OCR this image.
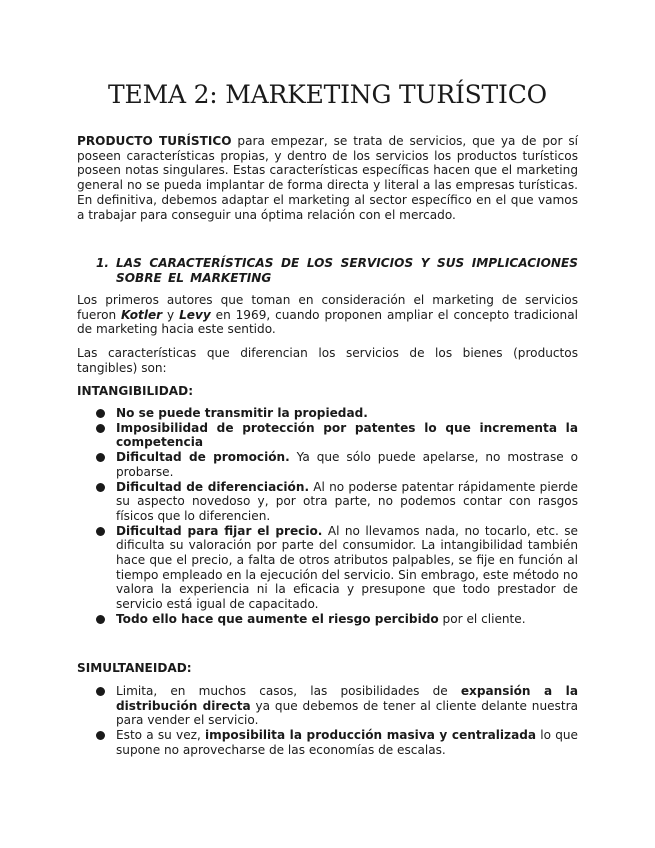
TEMA 2: MARKETING TURÍSTICO
PRODUCTO TURÍSTICO para empezar, se trata de servicios, que ya de por sí poseen características propias, y dentro de los servicios los productos turísticos poseen notas singulares. Estas características específicas hacen que el marketing general no se pueda implantar de forma directa y literal a las empresas turísticas. En definitiva, debemos adaptar el marketing al sector específico en el que vamos a trabajar para conseguir una óptima relación con el mercado.
1. LAS CARACTERÍSTICAS DE LOS SERVICIOS Y SUS IMPLICACIONES SOBRE EL MARKETING
Los primeros autores que toman en consideración el marketing de servicios fueron Kotler y Levy en 1969, cuando proponen ampliar el concepto tradicional de marketing hacia este sentido.
Las características que diferencian los servicios de los bienes (productos tangibles) son:
INTANGIBILIDAD:
No se puede transmitir la propiedad.
Imposibilidad de protección por patentes lo que incrementa la competencia
Dificultad de promoción. Ya que sólo puede apelarse, no mostrase o probarse.
Dificultad de diferenciación. Al no poderse patentar rápidamente pierde su aspecto novedoso y, por otra parte, no podemos contar con rasgos físicos que lo diferencien.
Dificultad para fijar el precio. Al no llevamos nada, no tocarlo, etc. se dificulta su valoración por parte del consumidor. La intangibilidad también hace que el precio, a falta de otros atributos palpables, se fije en función al tiempo empleado en la ejecución del servicio. Sin embrago, este método no valora la experiencia ni la eficacia y presupone que todo prestador de servicio está igual de capacitado.
Todo ello hace que aumente el riesgo percibido por el cliente.
SIMULTANEIDAD:
Limita, en muchos casos, las posibilidades de expansión a la distribución directa ya que debemos de tener al cliente delante nuestra para vender el servicio.
Esto a su vez, imposibilita la producción masiva y centralizada lo que supone no aprovecharse de las economías de escalas.
